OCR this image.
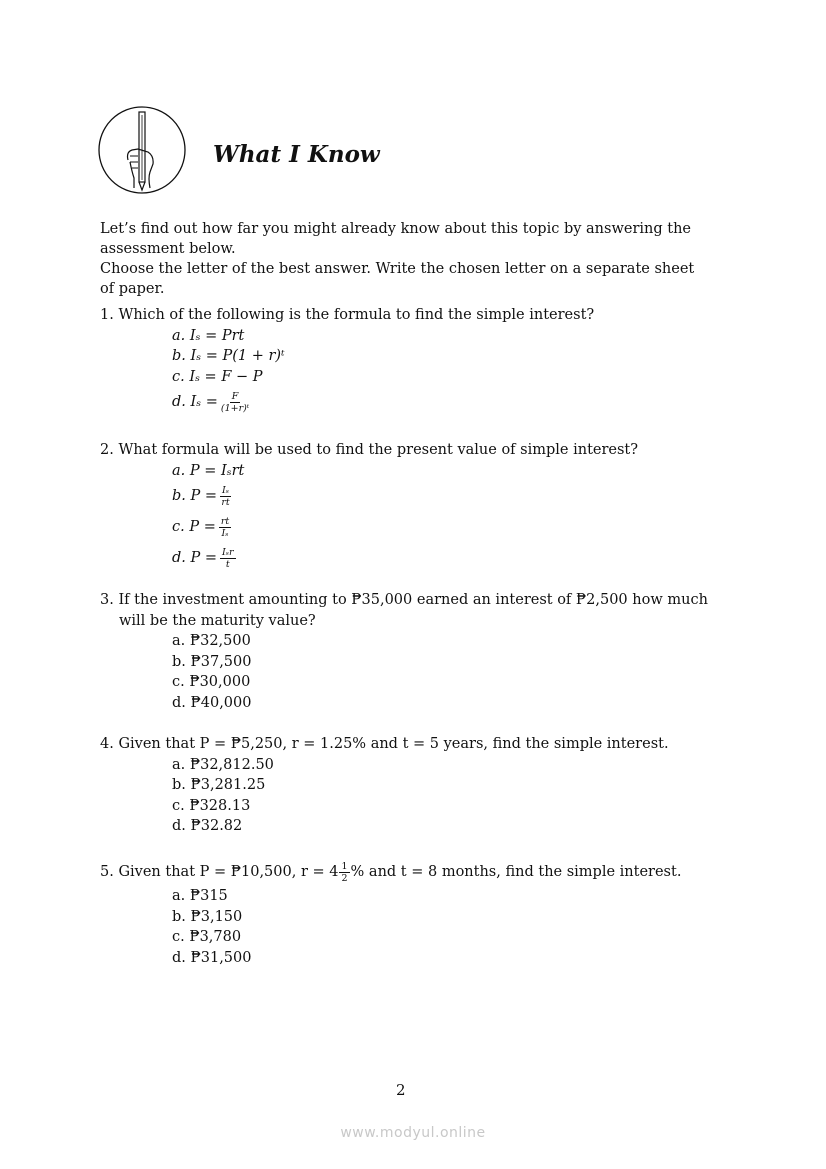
What I Know
Let’s find out how far you might already know about this topic by answering the assessment below.
Choose the letter of the best answer. Write the chosen letter on a separate sheet of paper.
1. Which of the following is the formula to find the simple interest?
a. Iₛ = Prt
b. Iₛ = P(1 + r)ᵗ
c. Iₛ = F − P
d. $I_s = \frac{F}{\text{(1+r)ᵗ}}$
2. What formula will be used to find the present value of simple interest?
a. P = Iₛrt
b. $P = \frac{\text{Iₛ}}{rt}$
c. $P = \frac{rt}{\text{Iₛ}}$
d. $P = \frac{\text{Iₛr}}{t}$
3. If the investment amounting to ₱35,000 earned an interest of ₱2,500 how much will be the maturity value?
a. ₱32,500
b. ₱37,500
c. ₱30,000
d. ₱40,000
4. Given that P = ₱5,250, r = 1.25% and t = 5 years, find the simple interest.
a. ₱32,812.50
b. ₱3,281.25
c. ₱328.13
d. ₱32.82
5. Given that P = ₱10,500, $r = 4 \frac{1}{2}$ % and t = 8 months, find the simple interest.
a. ₱315
b. ₱3,150
c. ₱3,780
d. ₱31,500
2
www.modyul.online
